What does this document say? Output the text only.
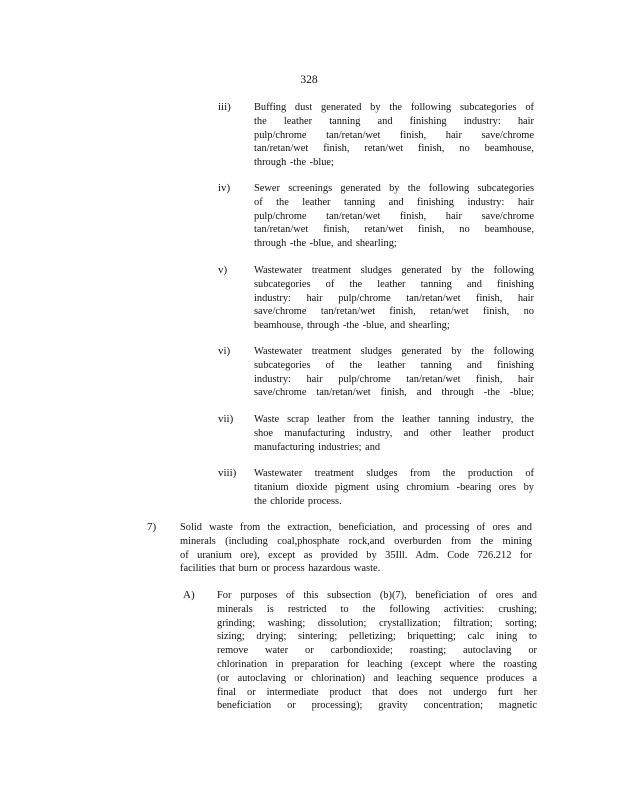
328
iii) Buffing dust generated by the following subcategories of
the leather tanning and finishing industry: hair
pulp/chrome tan/retan/wet finish, hair save/chrome
tan/retan/wet finish, retan/wet finish, no beamhouse,
through -the -blue;
iv) Sewer screenings generated by the following subcategories
of the leather tanning and finishing industry: hair
pulp/chrome tan/retan/wet finish, hair save/chrome
tan/retan/wet finish, retan/wet finish, no beamhouse,
through -the -blue, and shearling;
v)	Wastewater treatment sludges generated by the following
subcategories of the leather tanning and finishing
industry: hair pulp/chrome tan/retan/wet finish, hair
save/chrome tan/retan/wet finish, retan/wet finish, no
beamhouse, through -the -blue, and shearling;
vi) Wastewater treatment sludges generated by the following
subcategories of the leather tanning and finishing
industry: hair pulp/chrome tan/retan/wet finish, hair
save/chrome tan/retan/wet finish, and through -the -blue;
vii) Waste scrap leather from the leather tanning industry, the
shoe manufacturing industry, and other leather product
manufacturing industries; and
viii) Wastewater treatment sludges from the production of
titanium dioxide pigment using chromium -bearing ores by
the chloride process.
7) Solid waste from the extraction, beneficiation, and processing of ores and
minerals (including coal,phosphate rock,and overburden from the mining
of uranium ore), except as provided by 35Ill. Adm. Code 726.212 for
facilities that burn or process hazardous waste.
A) For purposes of this subsection (b)(7), beneficiation of ores and
minerals is restricted to the following activities: crushing;
grinding; washing; dissolution; crystallization; filtration; sorting;
sizing; drying; sintering; pelletizing; briquetting; calc ining to
remove water or carbondioxide; roasting; autoclaving or
chlorination in preparation for leaching (except where the roasting
(or autoclaving or chlorination) and leaching sequence produces a
final or intermediate product that does not undergo furt her
beneficiation or processing); gravity concentration; magnetic
